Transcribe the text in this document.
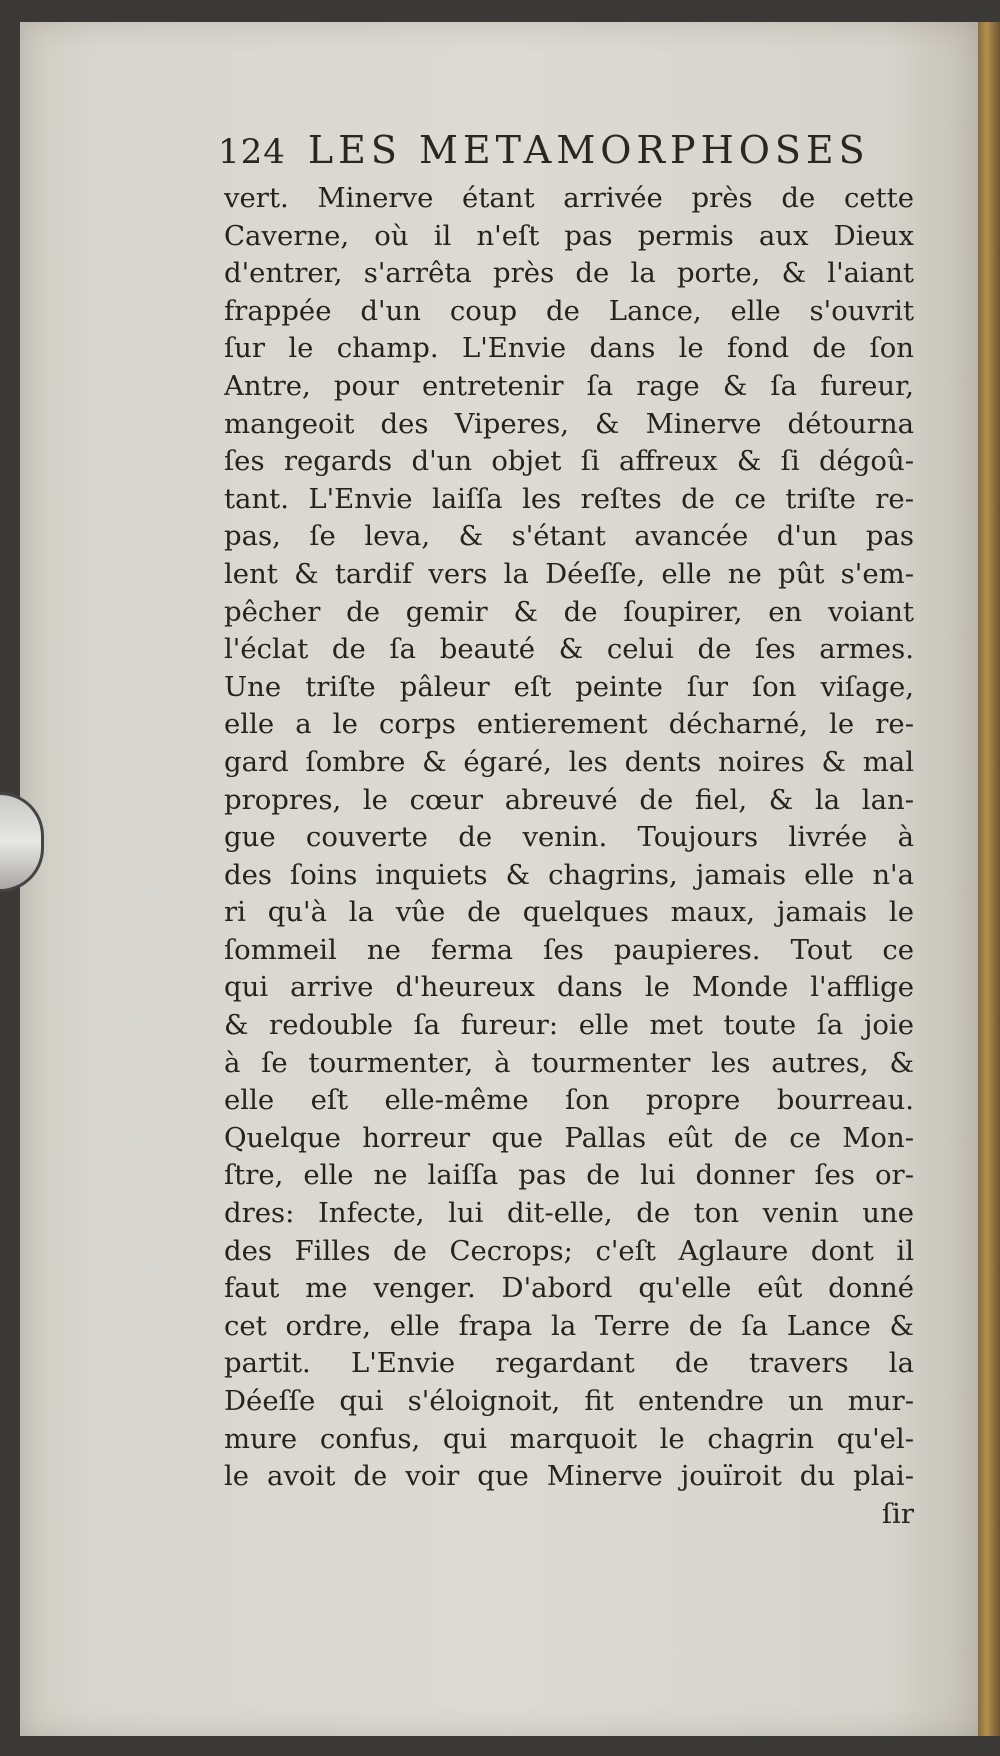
124 LES METAMORPHOSES
vert. Minerve étant arrivée près de cette
Caverne, où il n'eſt pas permis aux Dieux
d'entrer, s'arrêta près de la porte, & l'aiant
frappée d'un coup de Lance, elle s'ouvrit
ſur le champ. L'Envie dans le fond de ſon
Antre, pour entretenir ſa rage & ſa fureur,
mangeoit des Viperes, & Minerve détourna
ſes regards d'un objet ſi affreux & ſi dégoû-
tant. L'Envie laiſſa les reſtes de ce triſte re-
pas, ſe leva, & s'étant avancée d'un pas
lent & tardif vers la Déeſſe, elle ne pût s'em-
pêcher de gemir & de ſoupirer, en voiant
l'éclat de ſa beauté & celui de ſes armes.
Une triſte pâleur eſt peinte ſur ſon viſage,
elle a le corps entierement décharné, le re-
gard ſombre & égaré, les dents noires & mal
propres, le cœur abreuvé de fiel, & la lan-
gue couverte de venin. Toujours livrée à
des ſoins inquiets & chagrins, jamais elle n'a
ri qu'à la vûe de quelques maux, jamais le
ſommeil ne ferma ſes paupieres. Tout ce
qui arrive d'heureux dans le Monde l'afflige
& redouble ſa fureur: elle met toute ſa joie
à ſe tourmenter, à tourmenter les autres, &
elle eſt elle-même ſon propre bourreau.
Quelque horreur que Pallas eût de ce Mon-
ſtre, elle ne laiſſa pas de lui donner ſes or-
dres: Infecte, lui dit-elle, de ton venin une
des Filles de Cecrops; c'eſt Aglaure dont il
faut me venger. D'abord qu'elle eût donné
cet ordre, elle frapa la Terre de ſa Lance &
partit. L'Envie regardant de travers la
Déeſſe qui s'éloignoit, fit entendre un mur-
mure confus, qui marquoit le chagrin qu'el-
le avoit de voir que Minerve jouïroit du plai-
ſir
